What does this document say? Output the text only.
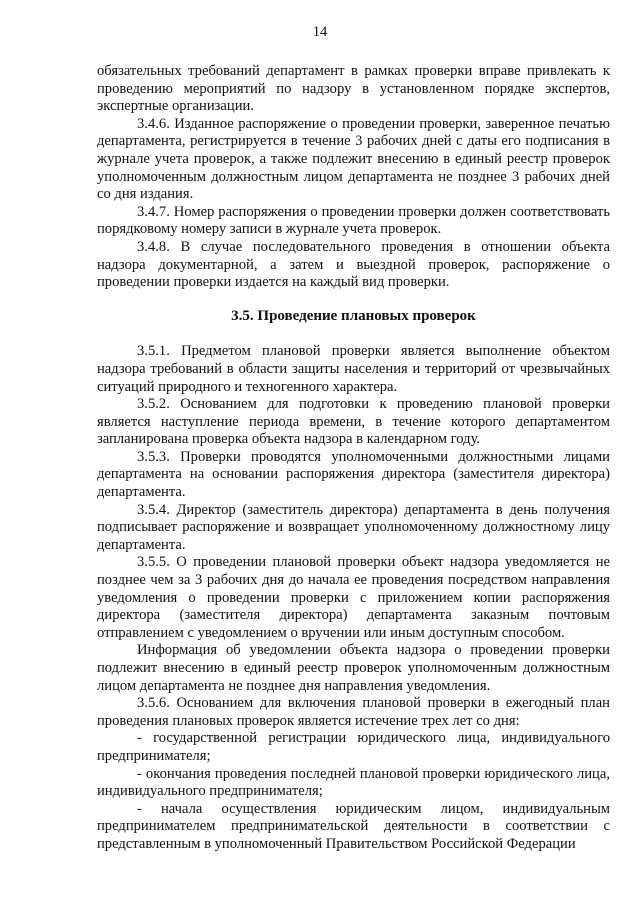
14

обязательных требований департамент в рамках проверки вправе привлекать к проведению мероприятий по надзору в установленном порядке экспертов, экспертные организации.

3.4.6. Изданное распоряжение о проведении проверки, заверенное печатью департамента, регистрируется в течение 3 рабочих дней с даты его подписания в журнале учета проверок, а также подлежит внесению в единый реестр проверок уполномоченным должностным лицом департамента не позднее 3 рабочих дней со дня издания.

3.4.7. Номер распоряжения о проведении проверки должен соответствовать порядковому номеру записи в журнале учета проверок.

3.4.8. В случае последовательного проведения в отношении объекта надзора документарной, а затем и выездной проверок, распоряжение о проведении проверки издается на каждый вид проверки.

3.5. Проведение плановых проверок

3.5.1. Предметом плановой проверки является выполнение объектом надзора требований в области защиты населения и территорий от чрезвычайных ситуаций природного и техногенного характера.

3.5.2. Основанием для подготовки к проведению плановой проверки является наступление периода времени, в течение которого департаментом запланирована проверка объекта надзора в календарном году.

3.5.3. Проверки проводятся уполномоченными должностными лицами департамента на основании распоряжения директора (заместителя директора) департамента.

3.5.4. Директор (заместитель директора) департамента в день получения подписывает распоряжение и возвращает уполномоченному должностному лицу департамента.

3.5.5. О проведении плановой проверки объект надзора уведомляется не позднее чем за 3 рабочих дня до начала ее проведения посредством направления уведомления о проведении проверки с приложением копии распоряжения директора (заместителя директора) департамента заказным почтовым отправлением с уведомлением о вручении или иным доступным способом.

Информация об уведомлении объекта надзора о проведении проверки подлежит внесению в единый реестр проверок уполномоченным должностным лицом департамента не позднее дня направления уведомления.

3.5.6. Основанием для включения плановой проверки в ежегодный план проведения плановых проверок является истечение трех лет со дня:

- государственной регистрации юридического лица, индивидуального предпринимателя;

- окончания проведения последней плановой проверки юридического лица, индивидуального предпринимателя;

- начала осуществления юридическим лицом, индивидуальным предпринимателем предпринимательской деятельности в соответствии с представленным в уполномоченный Правительством Российской Федерации
